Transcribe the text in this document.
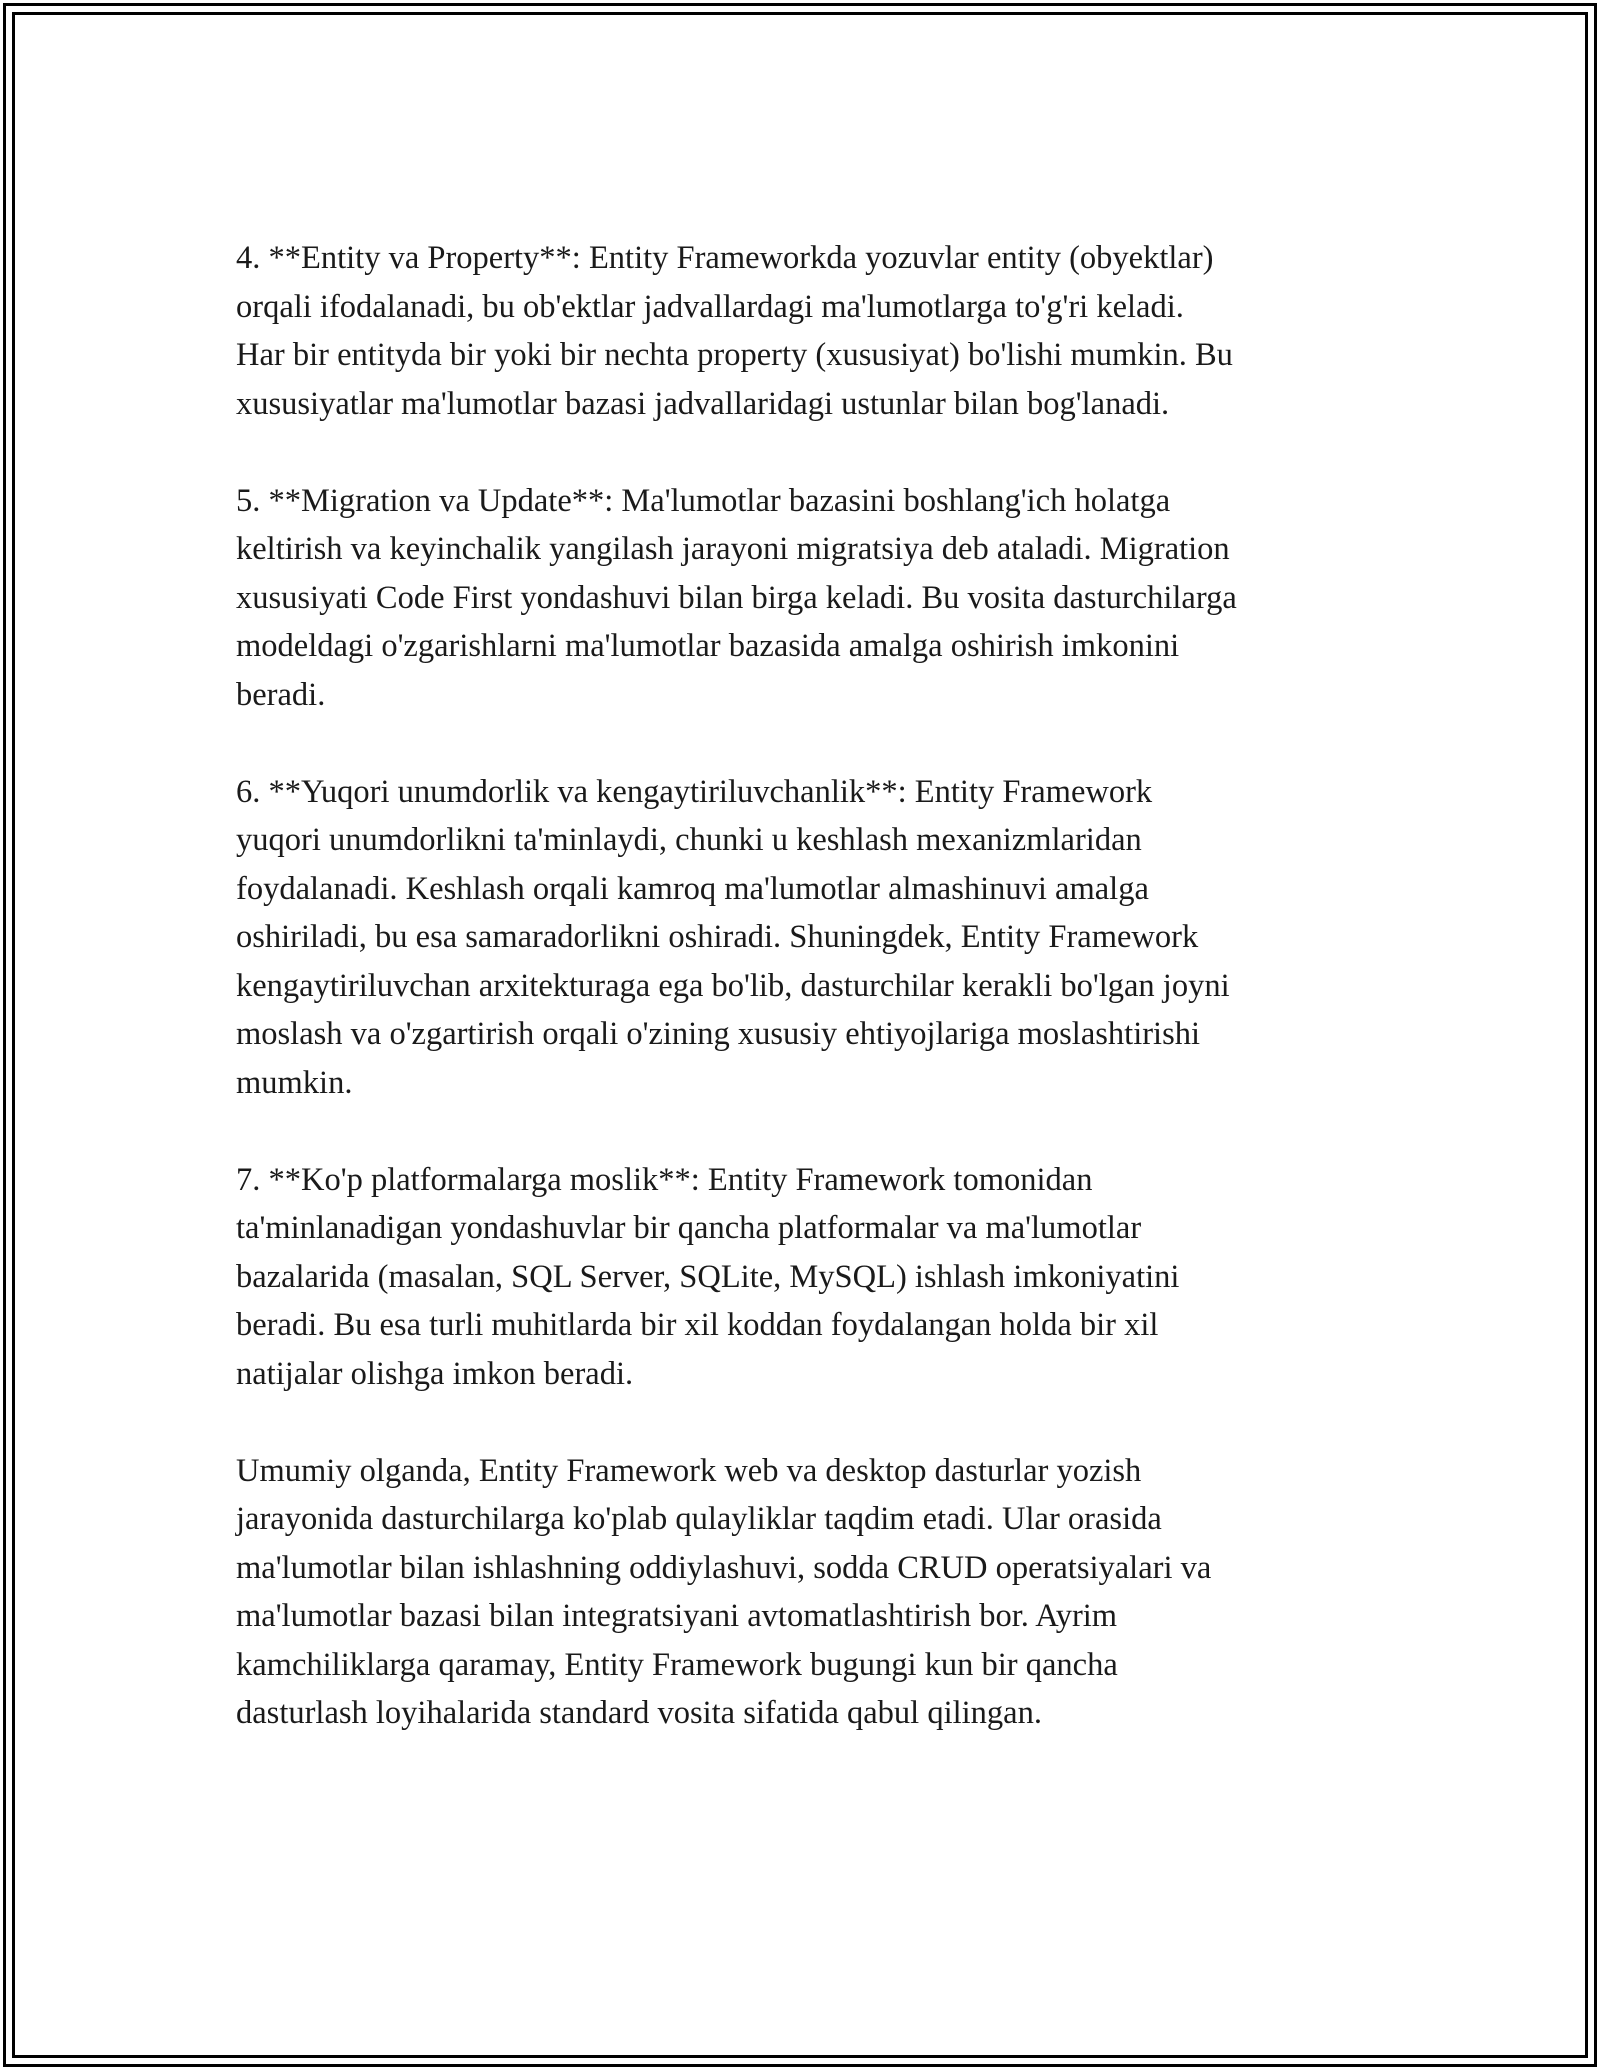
4. **Entity va Property**: Entity Frameworkda yozuvlar entity (obyektlar)
orqali ifodalanadi, bu ob'ektlar jadvallardagi ma'lumotlarga to'g'ri keladi.
Har bir entityda bir yoki bir nechta property (xususiyat) bo'lishi mumkin. Bu
xususiyatlar ma'lumotlar bazasi jadvallaridagi ustunlar bilan bog'lanadi.

5. **Migration va Update**: Ma'lumotlar bazasini boshlang'ich holatga
keltirish va keyinchalik yangilash jarayoni migratsiya deb ataladi. Migration
xususiyati Code First yondashuvi bilan birga keladi. Bu vosita dasturchilarga
modeldagi o'zgarishlarni ma'lumotlar bazasida amalga oshirish imkonini
beradi.

6. **Yuqori unumdorlik va kengaytiriluvchanlik**: Entity Framework
yuqori unumdorlikni ta'minlaydi, chunki u keshlash mexanizmlaridan
foydalanadi. Keshlash orqali kamroq ma'lumotlar almashinuvi amalga
oshiriladi, bu esa samaradorlikni oshiradi. Shuningdek, Entity Framework
kengaytiriluvchan arxitekturaga ega bo'lib, dasturchilar kerakli bo'lgan joyni
moslash va o'zgartirish orqali o'zining xususiy ehtiyojlariga moslashtirishi
mumkin.

7. **Ko'p platformalarga moslik**: Entity Framework tomonidan
ta'minlanadigan yondashuvlar bir qancha platformalar va ma'lumotlar
bazalarida (masalan, SQL Server, SQLite, MySQL) ishlash imkoniyatini
beradi. Bu esa turli muhitlarda bir xil koddan foydalangan holda bir xil
natijalar olishga imkon beradi.

Umumiy olganda, Entity Framework web va desktop dasturlar yozish
jarayonida dasturchilarga ko'plab qulayliklar taqdim etadi. Ular orasida
ma'lumotlar bilan ishlashning oddiylashuvi, sodda CRUD operatsiyalari va
ma'lumotlar bazasi bilan integratsiyani avtomatlashtirish bor. Ayrim
kamchiliklarga qaramay, Entity Framework bugungi kun bir qancha
dasturlash loyihalarida standard vosita sifatida qabul qilingan.
